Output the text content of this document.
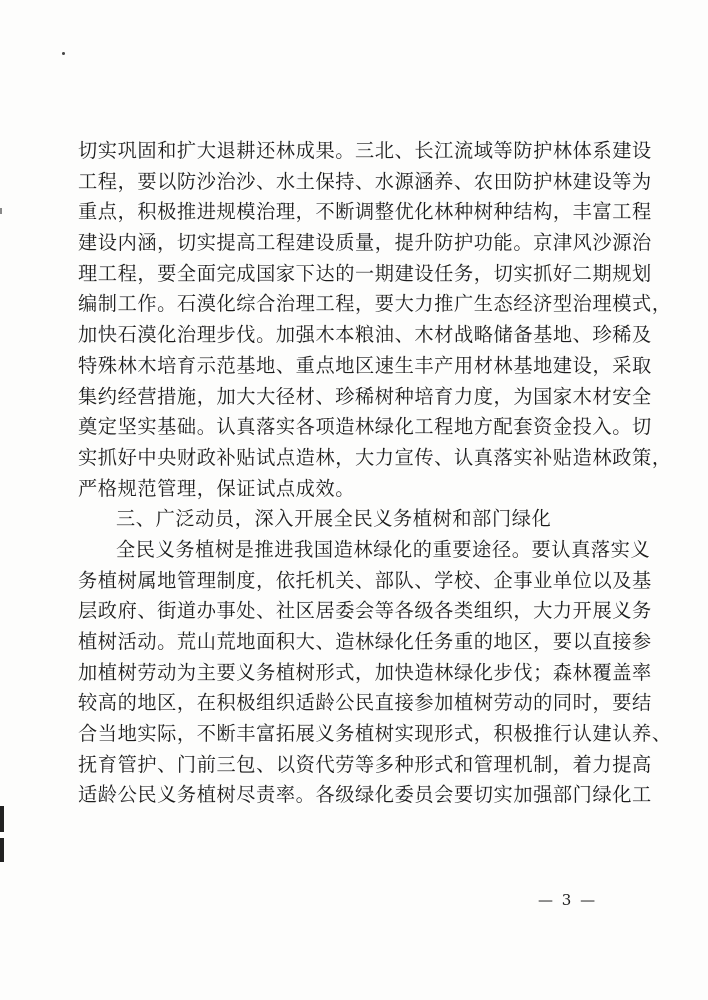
切实巩固和扩大退耕还林成果。三北、长江流域等防护林体系建设
工程，要以防沙治沙、水土保持、水源涵养、农田防护林建设等为
重点，积极推进规模治理，不断调整优化林种树种结构，丰富工程
建设内涵，切实提高工程建设质量，提升防护功能。京津风沙源治
理工程，要全面完成国家下达的一期建设任务，切实抓好二期规划
编制工作。石漠化综合治理工程，要大力推广生态经济型治理模式，
加快石漠化治理步伐。加强木本粮油、木材战略储备基地、珍稀及
特殊林木培育示范基地、重点地区速生丰产用材林基地建设，采取
集约经营措施，加大大径材、珍稀树种培育力度，为国家木材安全
奠定坚实基础。认真落实各项造林绿化工程地方配套资金投入。切
实抓好中央财政补贴试点造林，大力宣传、认真落实补贴造林政策，
严格规范管理，保证试点成效。
三、广泛动员，深入开展全民义务植树和部门绿化
全民义务植树是推进我国造林绿化的重要途径。要认真落实义
务植树属地管理制度，依托机关、部队、学校、企事业单位以及基
层政府、街道办事处、社区居委会等各级各类组织，大力开展义务
植树活动。荒山荒地面积大、造林绿化任务重的地区，要以直接参
加植树劳动为主要义务植树形式，加快造林绿化步伐；森林覆盖率
较高的地区，在积极组织适龄公民直接参加植树劳动的同时，要结
合当地实际，不断丰富拓展义务植树实现形式，积极推行认建认养、
抚育管护、门前三包、以资代劳等多种形式和管理机制，着力提高
适龄公民义务植树尽责率。各级绿化委员会要切实加强部门绿化工
— 3 —
